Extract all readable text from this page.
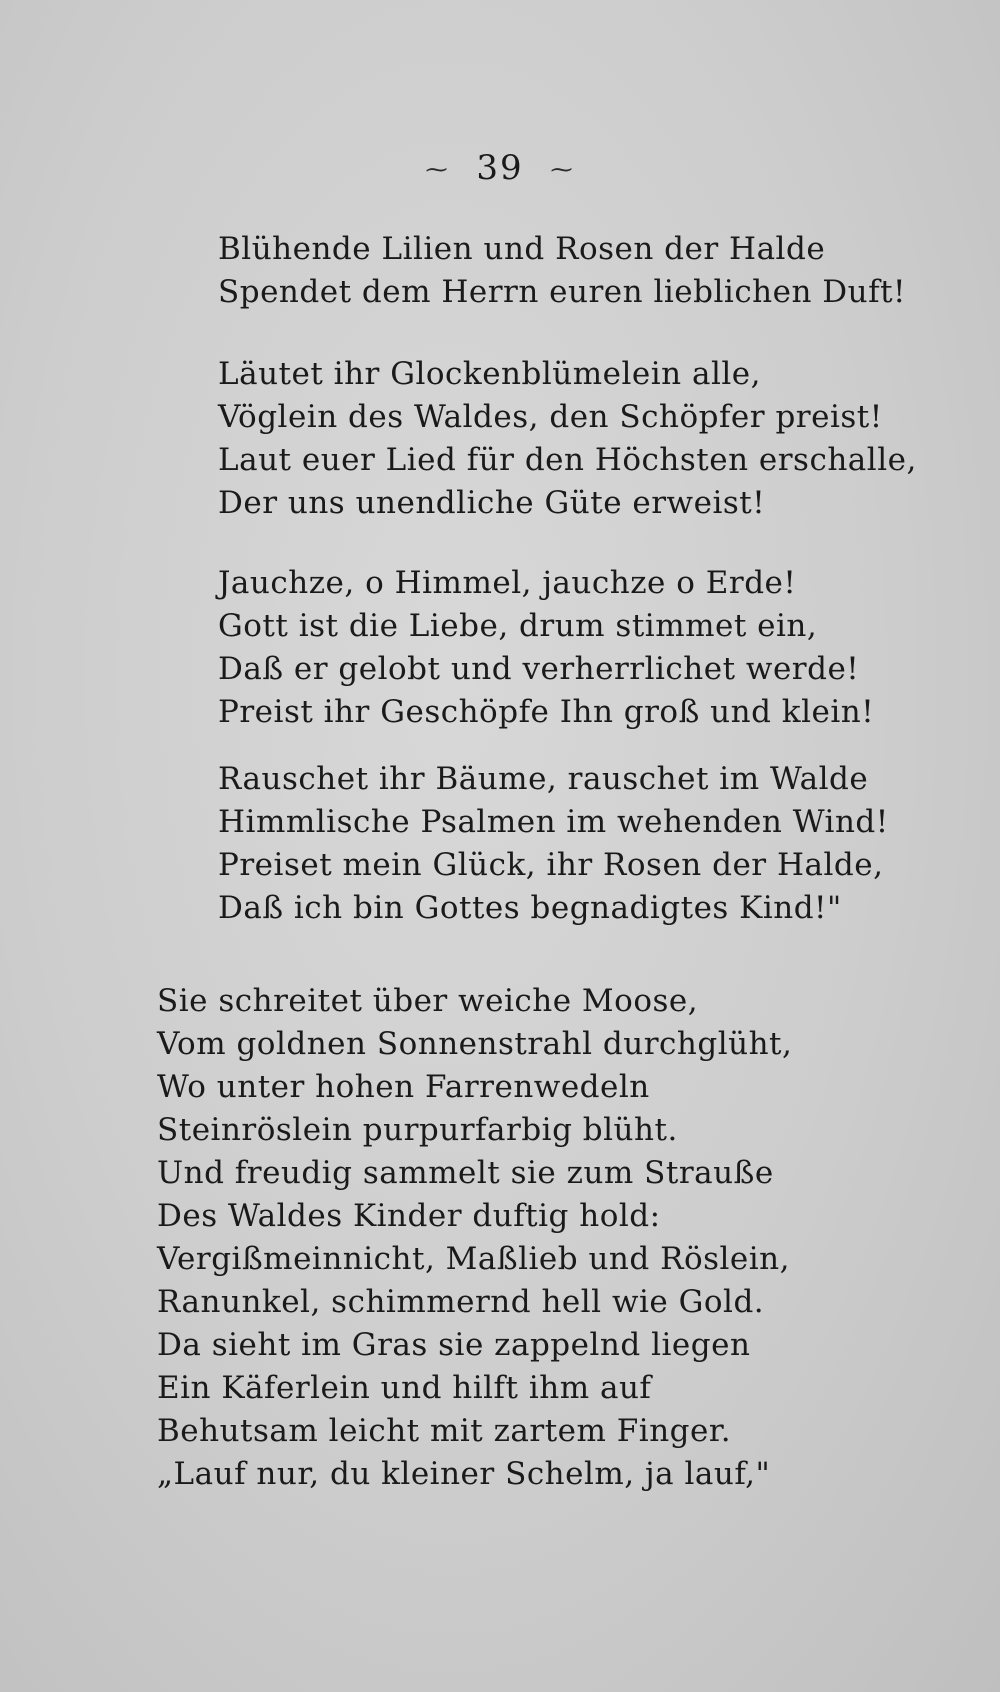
⁓ 39 ⁓
Blühende Lilien und Rosen der Halde
Spendet dem Herrn euren lieblichen Duft!
Läutet ihr Glockenblümelein alle,
Vöglein des Waldes, den Schöpfer preist!
Laut euer Lied für den Höchsten erschalle,
Der uns unendliche Güte erweist!
Jauchze, o Himmel, jauchze o Erde!
Gott ist die Liebe, drum stimmet ein,
Daß er gelobt und verherrlichet werde!
Preist ihr Geschöpfe Ihn groß und klein!
Rauschet ihr Bäume, rauschet im Walde
Himmlische Psalmen im wehenden Wind!
Preiset mein Glück, ihr Rosen der Halde,
Daß ich bin Gottes begnadigtes Kind!"
Sie schreitet über weiche Moose,
Vom goldnen Sonnenstrahl durchglüht,
Wo unter hohen Farrenwedeln
Steinröslein purpurfarbig blüht.
Und freudig sammelt sie zum Strauße
Des Waldes Kinder duftig hold:
Vergißmeinnicht, Maßlieb und Röslein,
Ranunkel, schimmernd hell wie Gold.
Da sieht im Gras sie zappelnd liegen
Ein Käferlein und hilft ihm auf
Behutsam leicht mit zartem Finger.
„Lauf nur, du kleiner Schelm, ja lauf,"
